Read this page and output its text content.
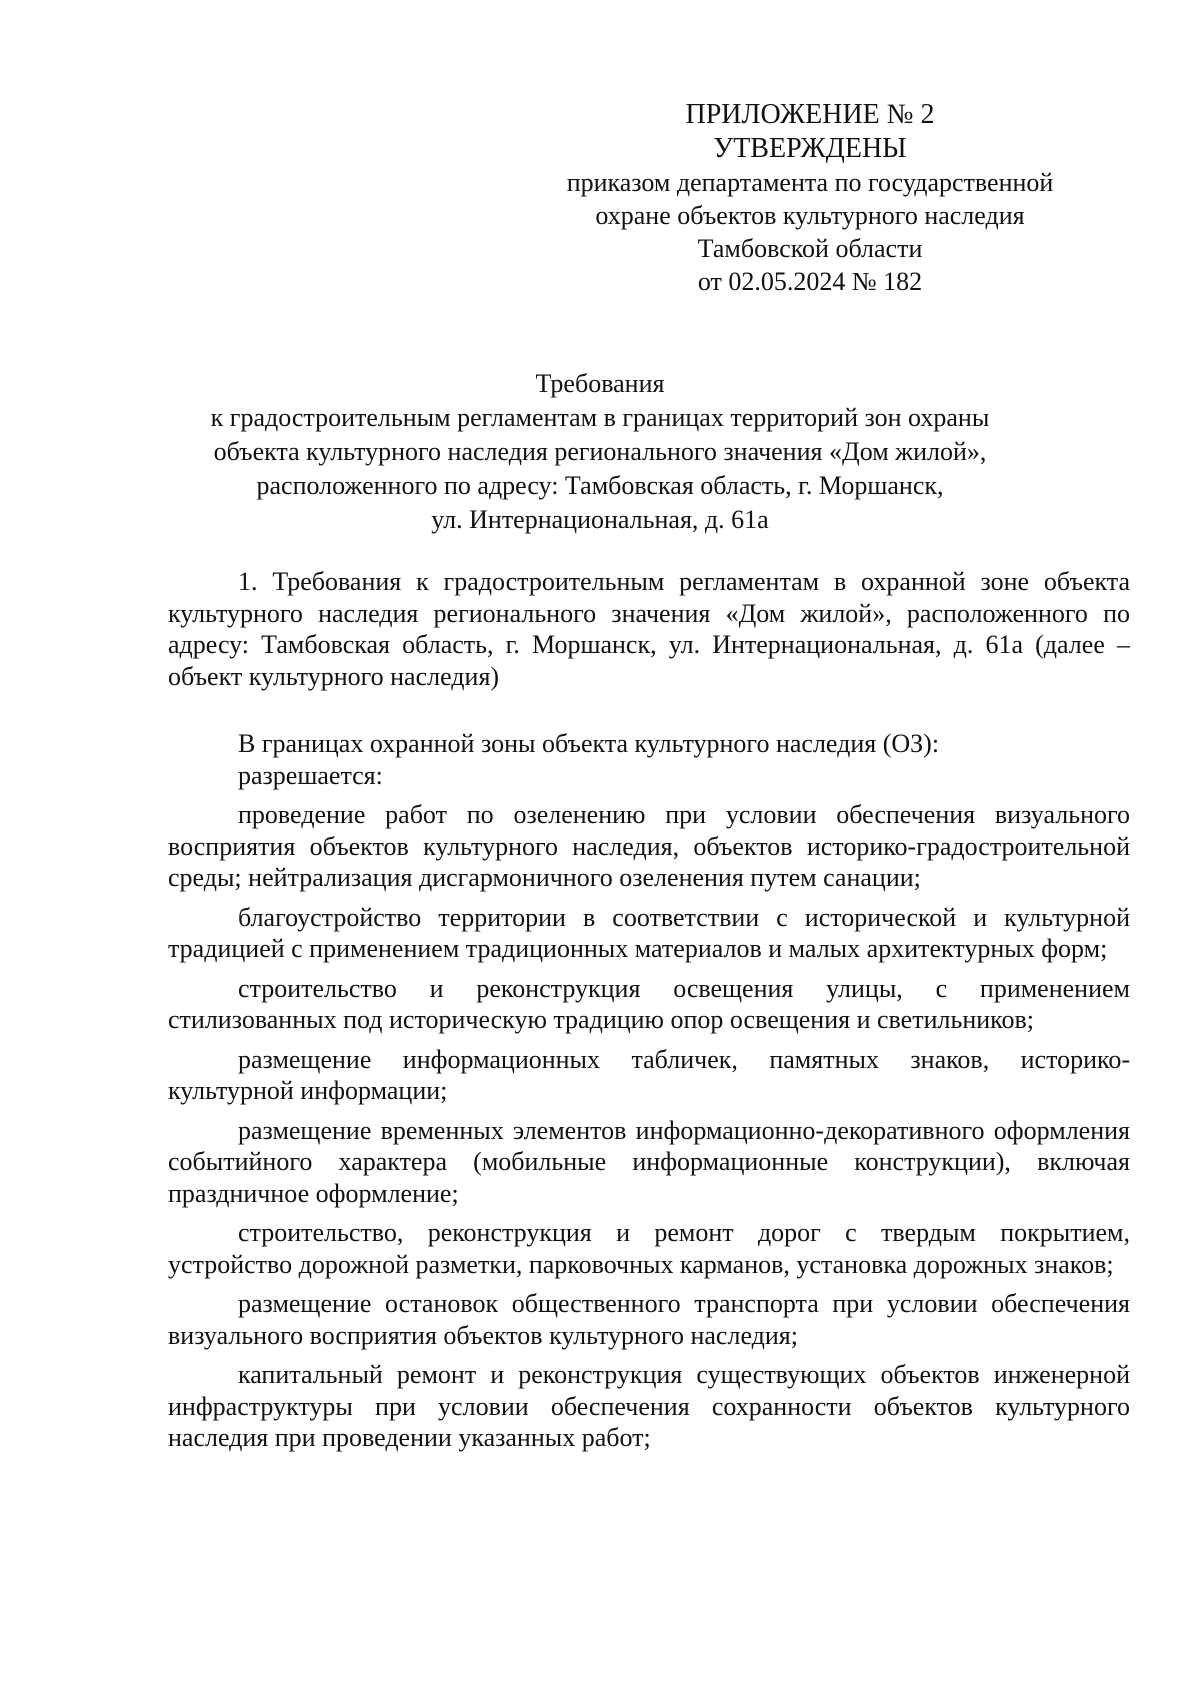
ПРИЛОЖЕНИЕ № 2
УТВЕРЖДЕНЫ
приказом департамента по государственной
охране объектов культурного наследия
Тамбовской области
от 02.05.2024 № 182
Требования
к градостроительным регламентам в границах территорий зон охраны
объекта культурного наследия регионального значения «Дом жилой»,
расположенного по адресу: Тамбовская область, г. Моршанск,
ул. Интернациональная, д. 61а

1. Требования к градостроительным регламентам в охранной зоне объекта культурного наследия регионального значения «Дом жилой», расположенного по адресу: Тамбовская область, г. Моршанск, ул. Интернациональная, д. 61а (далее – объект культурного наследия)

В границах охранной зоны объекта культурного наследия (ОЗ):

разрешается:

проведение работ по озеленению при условии обеспечения визуального восприятия объектов культурного наследия, объектов историко-градостроительной среды; нейтрализация дисгармоничного озеленения путем санации;

благоустройство территории в соответствии с исторической и культурной традицией с применением традиционных материалов и малых архитектурных форм;

строительство и реконструкция освещения улицы, с применением стилизованных под историческую традицию опор освещения и светильников;

размещение информационных табличек, памятных знаков, историко-культурной информации;

размещение временных элементов информационно-декоративного оформления событийного характера (мобильные информационные конструкции), включая праздничное оформление;

строительство, реконструкция и ремонт дорог с твердым покрытием, устройство дорожной разметки, парковочных карманов, установка дорожных знаков;

размещение остановок общественного транспорта при условии обеспечения визуального восприятия объектов культурного наследия;

капитальный ремонт и реконструкция существующих объектов инженерной инфраструктуры при условии обеспечения сохранности объектов культурного наследия при проведении указанных работ;
